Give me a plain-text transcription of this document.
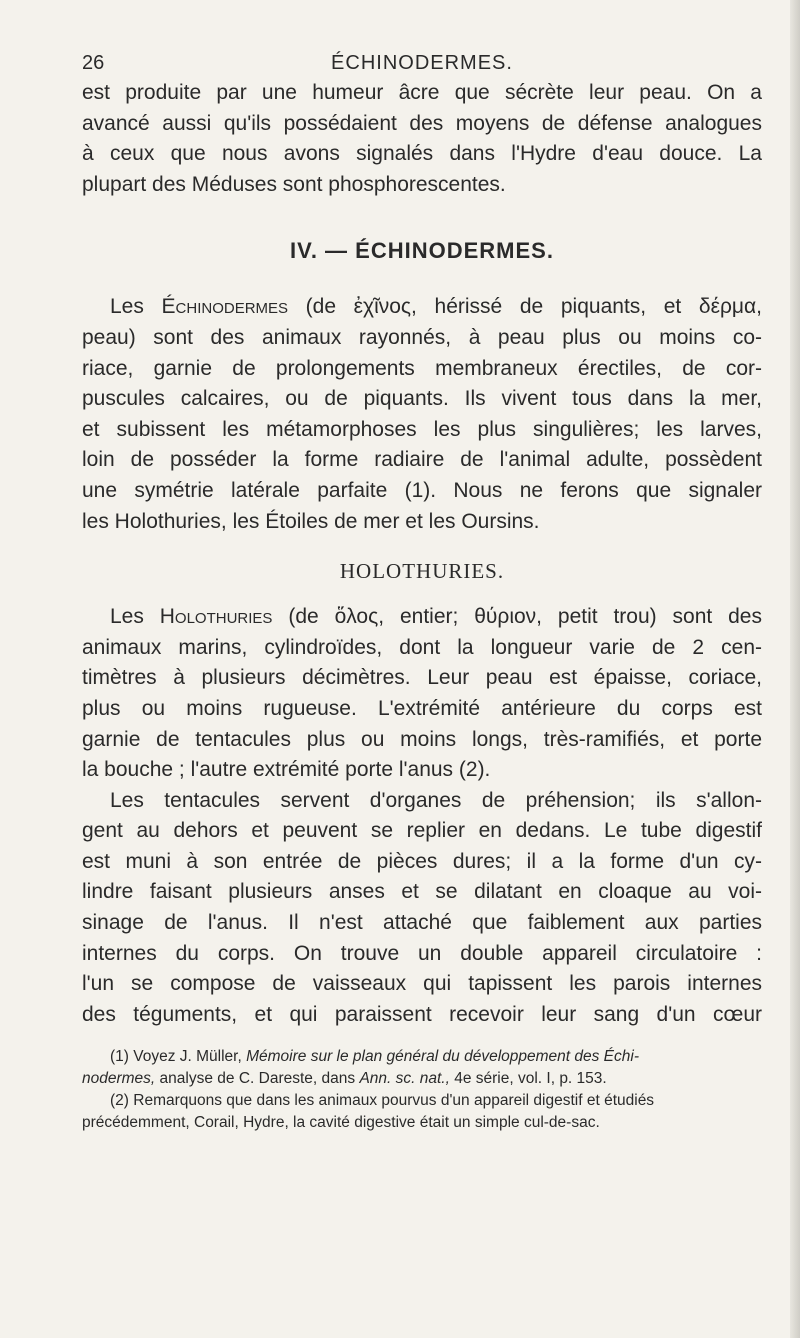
26	ÉCHINODERMES.
est produite par une humeur âcre que sécrète leur peau. On a
avancé aussi qu'ils possédaient des moyens de défense analogues
à ceux que nous avons signalés dans l'Hydre d'eau douce. La
plupart des Méduses sont phosphorescentes.
IV. — ÉCHINODERMES.
Les Échinodermes (de ἐχῖνος, hérissé de piquants, et δέρμα,
peau) sont des animaux rayonnés, à peau plus ou moins co-
riace, garnie de prolongements membraneux érectiles, de cor-
puscules calcaires, ou de piquants. Ils vivent tous dans la mer,
et subissent les métamorphoses les plus singulières; les larves,
loin de posséder la forme radiaire de l'animal adulte, possèdent
une symétrie latérale parfaite (1). Nous ne ferons que signaler
les Holothuries, les Étoiles de mer et les Oursins.
HOLOTHURIES.
Les Holothuries (de ὅλος, entier; θύριον, petit trou) sont des
animaux marins, cylindroïdes, dont la longueur varie de 2 cen-
timètres à plusieurs décimètres. Leur peau est épaisse, coriace,
plus ou moins rugueuse. L'extrémité antérieure du corps est
garnie de tentacules plus ou moins longs, très-ramifiés, et porte
la bouche ; l'autre extrémité porte l'anus (2).
Les tentacules servent d'organes de préhension; ils s'allon-
gent au dehors et peuvent se replier en dedans. Le tube digestif
est muni à son entrée de pièces dures; il a la forme d'un cy-
lindre faisant plusieurs anses et se dilatant en cloaque au voi-
sinage de l'anus. Il n'est attaché que faiblement aux parties
internes du corps. On trouve un double appareil circulatoire :
l'un se compose de vaisseaux qui tapissent les parois internes
des téguments, et qui paraissent recevoir leur sang d'un cœur
(1) Voyez J. Müller, Mémoire sur le plan général du développement des Échi-
nodermes, analyse de C. Dareste, dans Ann. sc. nat., 4e série, vol. I, p. 153.
(2) Remarquons que dans les animaux pourvus d'un appareil digestif et étudiés
précédemment, Corail, Hydre, la cavité digestive était un simple cul-de-sac.
